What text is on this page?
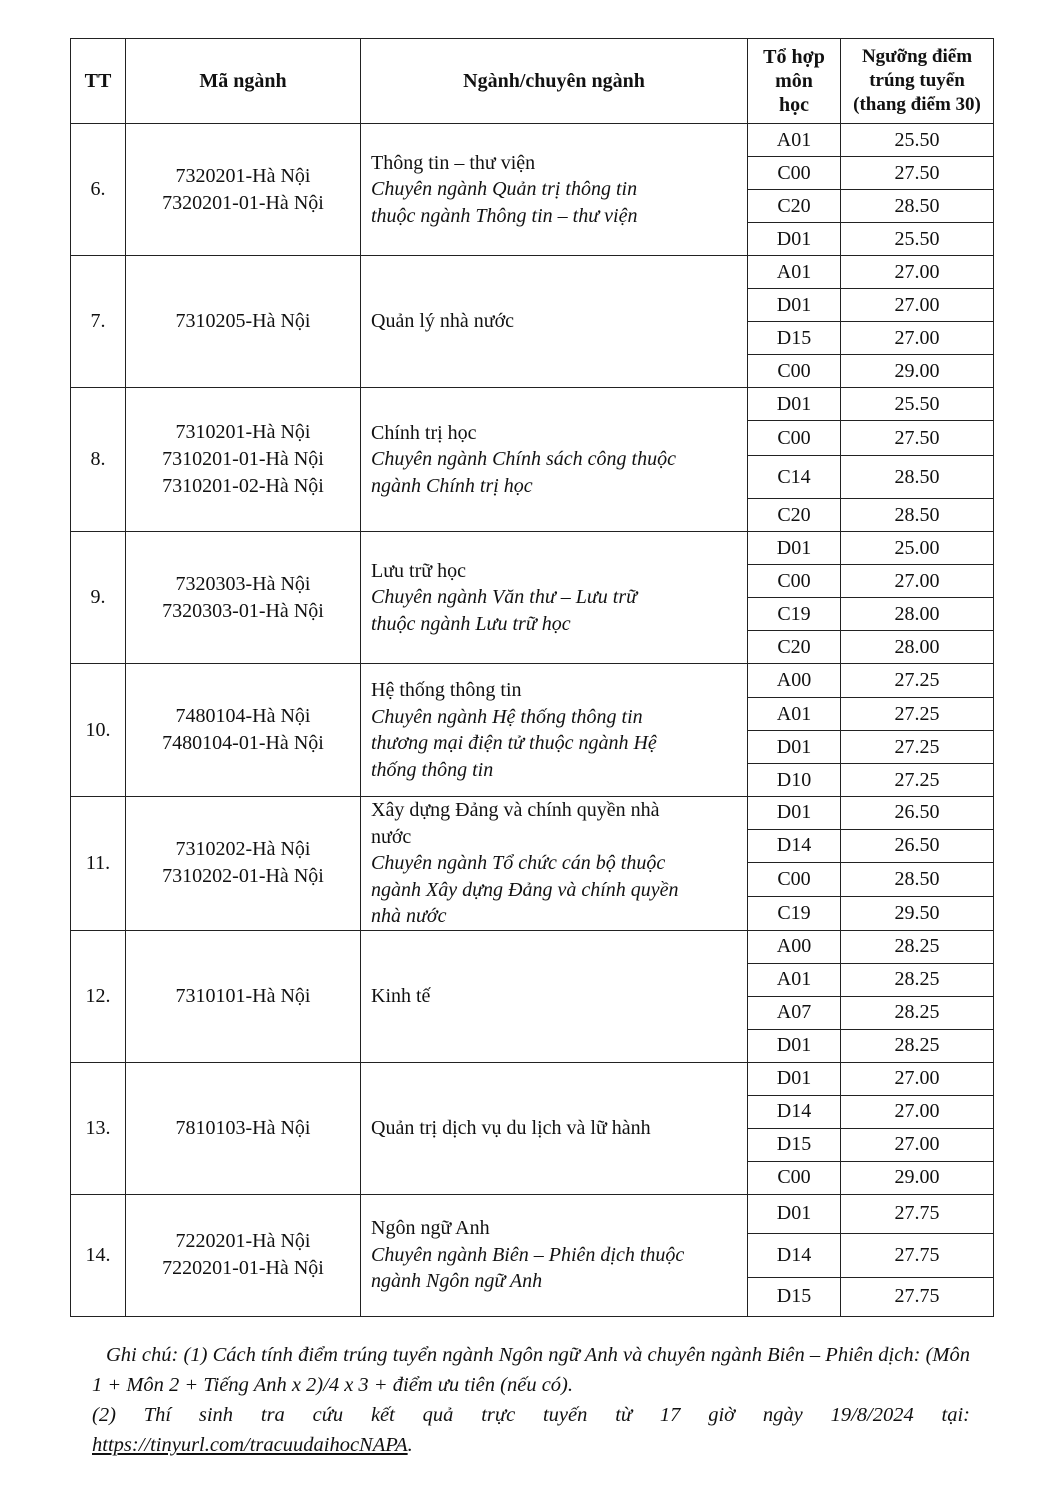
TT	Mã ngành	Ngành/chuyên ngành	Tổ hợp
môn
học	Ngưỡng điểm
trúng tuyển
(thang điểm 30)

6.	7320201-Hà Nội
7320201-01-Hà Nội	Thông tin – thư viện
Chuyên ngành Quản trị thông tin
thuộc ngành Thông tin – thư viện	A01	25.50
			C00	27.50
			C20	28.50
			D01	25.50
7.	7310205-Hà Nội	Quản lý nhà nước	A01	27.00
			D01	27.00
			D15	27.00
			C00	29.00
8.	7310201-Hà Nội
7310201-01-Hà Nội
7310201-02-Hà Nội	Chính trị học
Chuyên ngành Chính sách công thuộc
ngành Chính trị học	D01	25.50
			C00	27.50
			C14	28.50
			C20	28.50
9.	7320303-Hà Nội
7320303-01-Hà Nội	Lưu trữ học
Chuyên ngành Văn thư – Lưu trữ
thuộc ngành Lưu trữ học	D01	25.00
			C00	27.00
			C19	28.00
			C20	28.00
10.	7480104-Hà Nội
7480104-01-Hà Nội	Hệ thống thông tin
Chuyên ngành Hệ thống thông tin
thương mại điện tử thuộc ngành Hệ
thống thông tin	A00	27.25
			A01	27.25
			D01	27.25
			D10	27.25
11.	7310202-Hà Nội
7310202-01-Hà Nội	Xây dựng Đảng và chính quyền nhà
nước
Chuyên ngành Tổ chức cán bộ thuộc
ngành Xây dựng Đảng và chính quyền
nhà nước	D01	26.50
			D14	26.50
			C00	28.50
			C19	29.50
12.	7310101-Hà Nội	Kinh tế	A00	28.25
			A01	28.25
			A07	28.25
			D01	28.25
13.	7810103-Hà Nội	Quản trị dịch vụ du lịch và lữ hành	D01	27.00
			D14	27.00
			D15	27.00
			C00	29.00
14.	7220201-Hà Nội
7220201-01-Hà Nội	Ngôn ngữ Anh
Chuyên ngành Biên – Phiên dịch thuộc
ngành Ngôn ngữ Anh	D01	27.75
			D14	27.75
			D15	27.75

Ghi chú: (1) Cách tính điểm trúng tuyển ngành Ngôn ngữ Anh và chuyên ngành Biên – Phiên dịch: (Môn 1 + Môn 2 + Tiếng Anh x 2)/4 x 3 + điểm ưu tiên (nếu có).

(2) Thí sinh tra cứu kết quả trực tuyến từ 17 giờ ngày 19/8/2024 tại: https://tinyurl.com/tracuudaihocNAPA.
